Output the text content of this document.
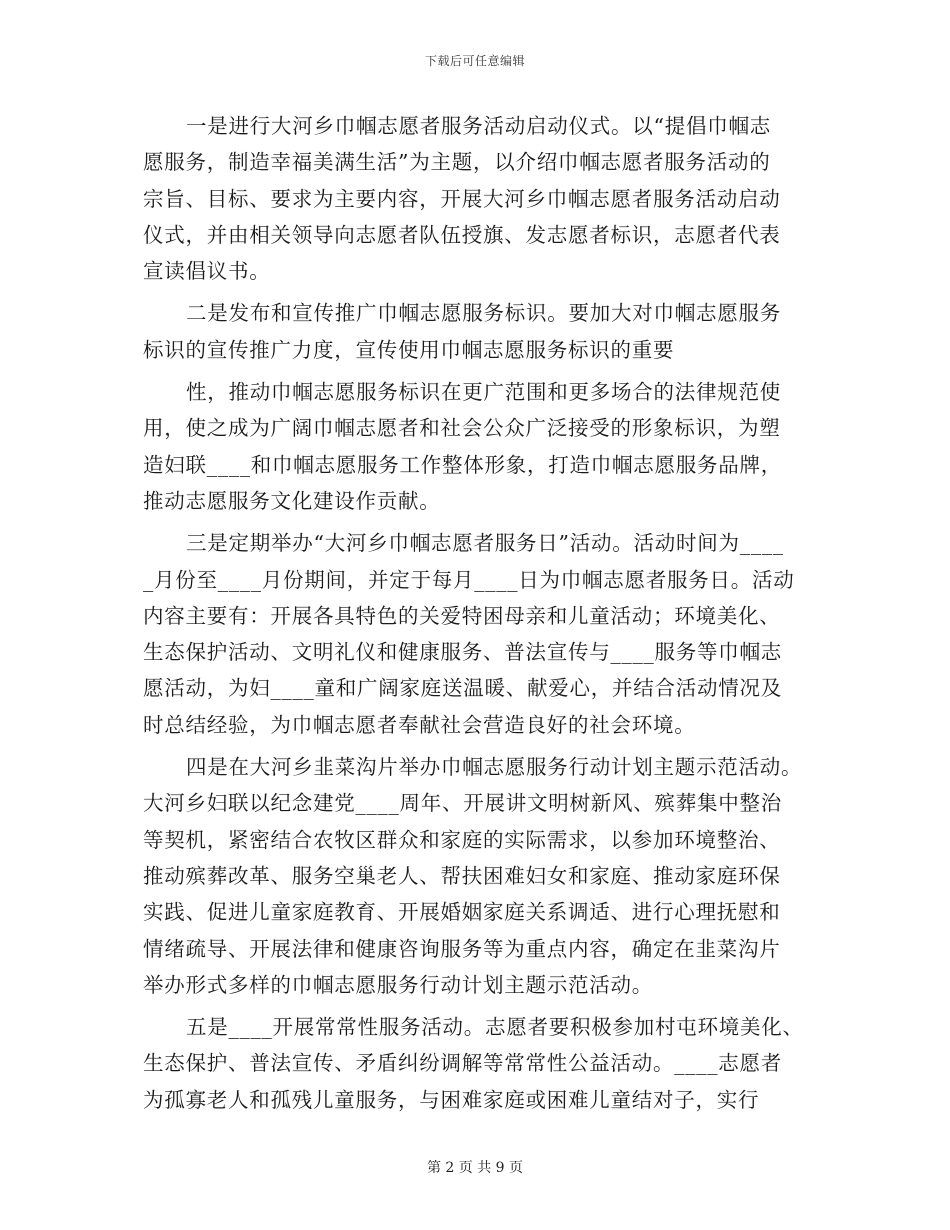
下载后可任意编辑
一是进行大河乡巾帼志愿者服务活动启动仪式。以“提倡巾帼志
愿服务，制造幸福美满生活”为主题，以介绍巾帼志愿者服务活动的
宗旨、目标、要求为主要内容，开展大河乡巾帼志愿者服务活动启动
仪式，并由相关领导向志愿者队伍授旗、发志愿者标识，志愿者代表
宣读倡议书。
二是发布和宣传推广巾帼志愿服务标识。要加大对巾帼志愿服务
标识的宣传推广力度，宣传使用巾帼志愿服务标识的重要
性，推动巾帼志愿服务标识在更广范围和更多场合的法律规范使
用，使之成为广阔巾帼志愿者和社会公众广泛接受的形象标识，为塑
造妇联____和巾帼志愿服务工作整体形象，打造巾帼志愿服务品牌，
推动志愿服务文化建设作贡献。
三是定期举办“大河乡巾帼志愿者服务日”活动。活动时间为____
_月份至____月份期间，并定于每月____日为巾帼志愿者服务日。活动
内容主要有：开展各具特色的关爱特困母亲和儿童活动；环境美化、
生态保护活动、文明礼仪和健康服务、普法宣传与____服务等巾帼志
愿活动，为妇____童和广阔家庭送温暖、献爱心，并结合活动情况及
时总结经验，为巾帼志愿者奉献社会营造良好的社会环境。
四是在大河乡韭菜沟片举办巾帼志愿服务行动计划主题示范活动。
大河乡妇联以纪念建党____周年、开展讲文明树新风、殡葬集中整治
等契机，紧密结合农牧区群众和家庭的实际需求，以参加环境整治、
推动殡葬改革、服务空巢老人、帮扶困难妇女和家庭、推动家庭环保
实践、促进儿童家庭教育、开展婚姻家庭关系调适、进行心理抚慰和
情绪疏导、开展法律和健康咨询服务等为重点内容，确定在韭菜沟片
举办形式多样的巾帼志愿服务行动计划主题示范活动。
五是____开展常常性服务活动。志愿者要积极参加村屯环境美化、
生态保护、普法宣传、矛盾纠纷调解等常常性公益活动。____志愿者
为孤寡老人和孤残儿童服务，与困难家庭或困难儿童结对子，实行
第 2 页 共 9 页
